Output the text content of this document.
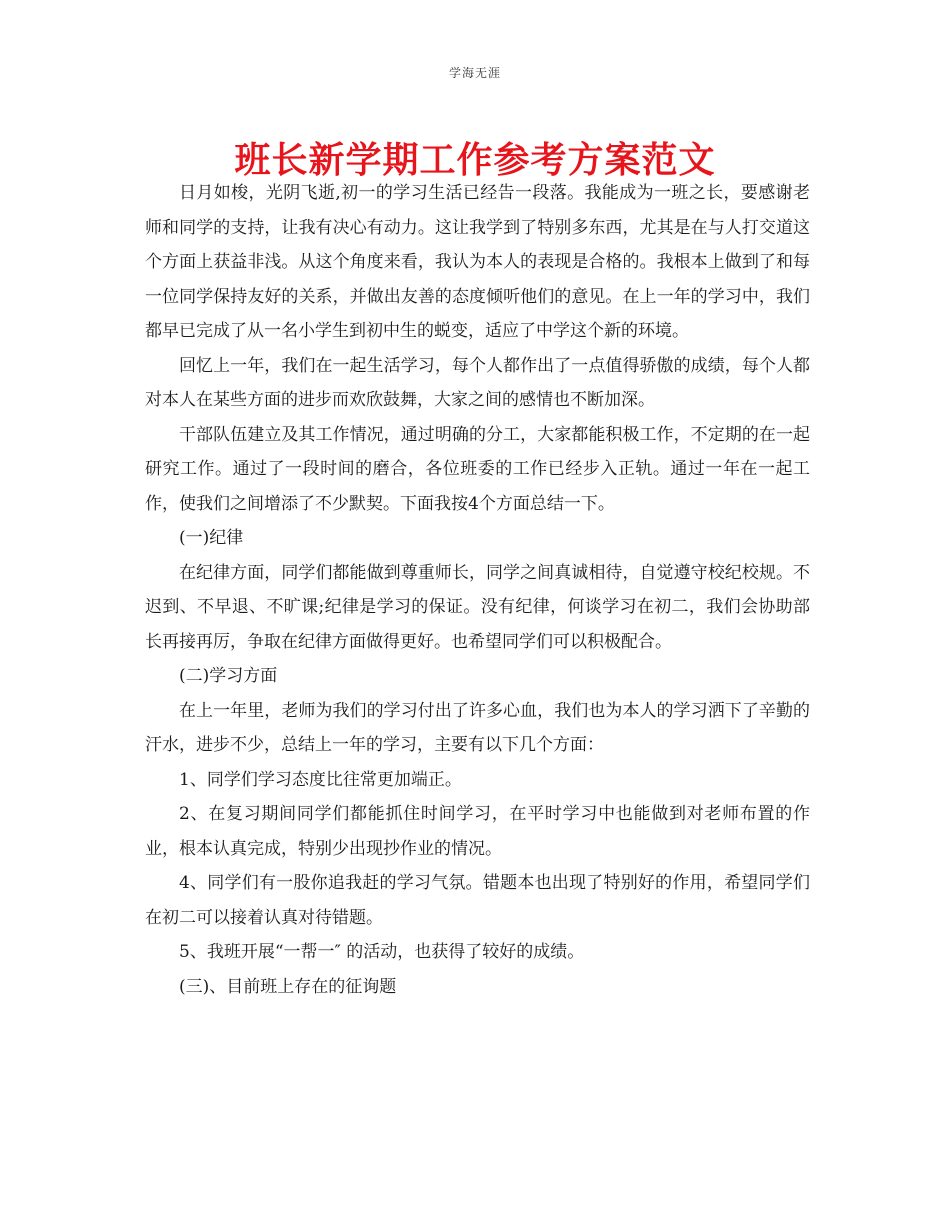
学海无涯
班长新学期工作参考方案范文

日月如梭，光阴飞逝,初一的学习生活已经告一段落。我能成为一班之长，要感谢老师和同学的支持，让我有决心有动力。这让我学到了特别多东西，尤其是在与人打交道这个方面上获益非浅。从这个角度来看，我认为本人的表现是合格的。我根本上做到了和每一位同学保持友好的关系，并做出友善的态度倾听他们的意见。在上一年的学习中，我们都早已完成了从一名小学生到初中生的蜕变，适应了中学这个新的环境。

回忆上一年，我们在一起生活学习，每个人都作出了一点值得骄傲的成绩，每个人都对本人在某些方面的进步而欢欣鼓舞，大家之间的感情也不断加深。

干部队伍建立及其工作情况，通过明确的分工，大家都能积极工作，不定期的在一起研究工作。通过了一段时间的磨合，各位班委的工作已经步入正轨。通过一年在一起工作，使我们之间增添了不少默契。下面我按4个方面总结一下。

(一)纪律

在纪律方面，同学们都能做到尊重师长，同学之间真诚相待，自觉遵守校纪校规。不迟到、不早退、不旷课;纪律是学习的保证。没有纪律，何谈学习在初二，我们会协助部长再接再厉，争取在纪律方面做得更好。也希望同学们可以积极配合。

(二)学习方面

在上一年里，老师为我们的学习付出了许多心血，我们也为本人的学习洒下了辛勤的汗水，进步不少，总结上一年的学习，主要有以下几个方面：

1、同学们学习态度比往常更加端正。

2、在复习期间同学们都能抓住时间学习，在平时学习中也能做到对老师布置的作业，根本认真完成，特别少出现抄作业的情况。

4、同学们有一股你追我赶的学习气氛。错题本也出现了特别好的作用，希望同学们在初二可以接着认真对待错题。

5、我班开展“一帮一″ 的活动，也获得了较好的成绩。

(三)、目前班上存在的征询题
